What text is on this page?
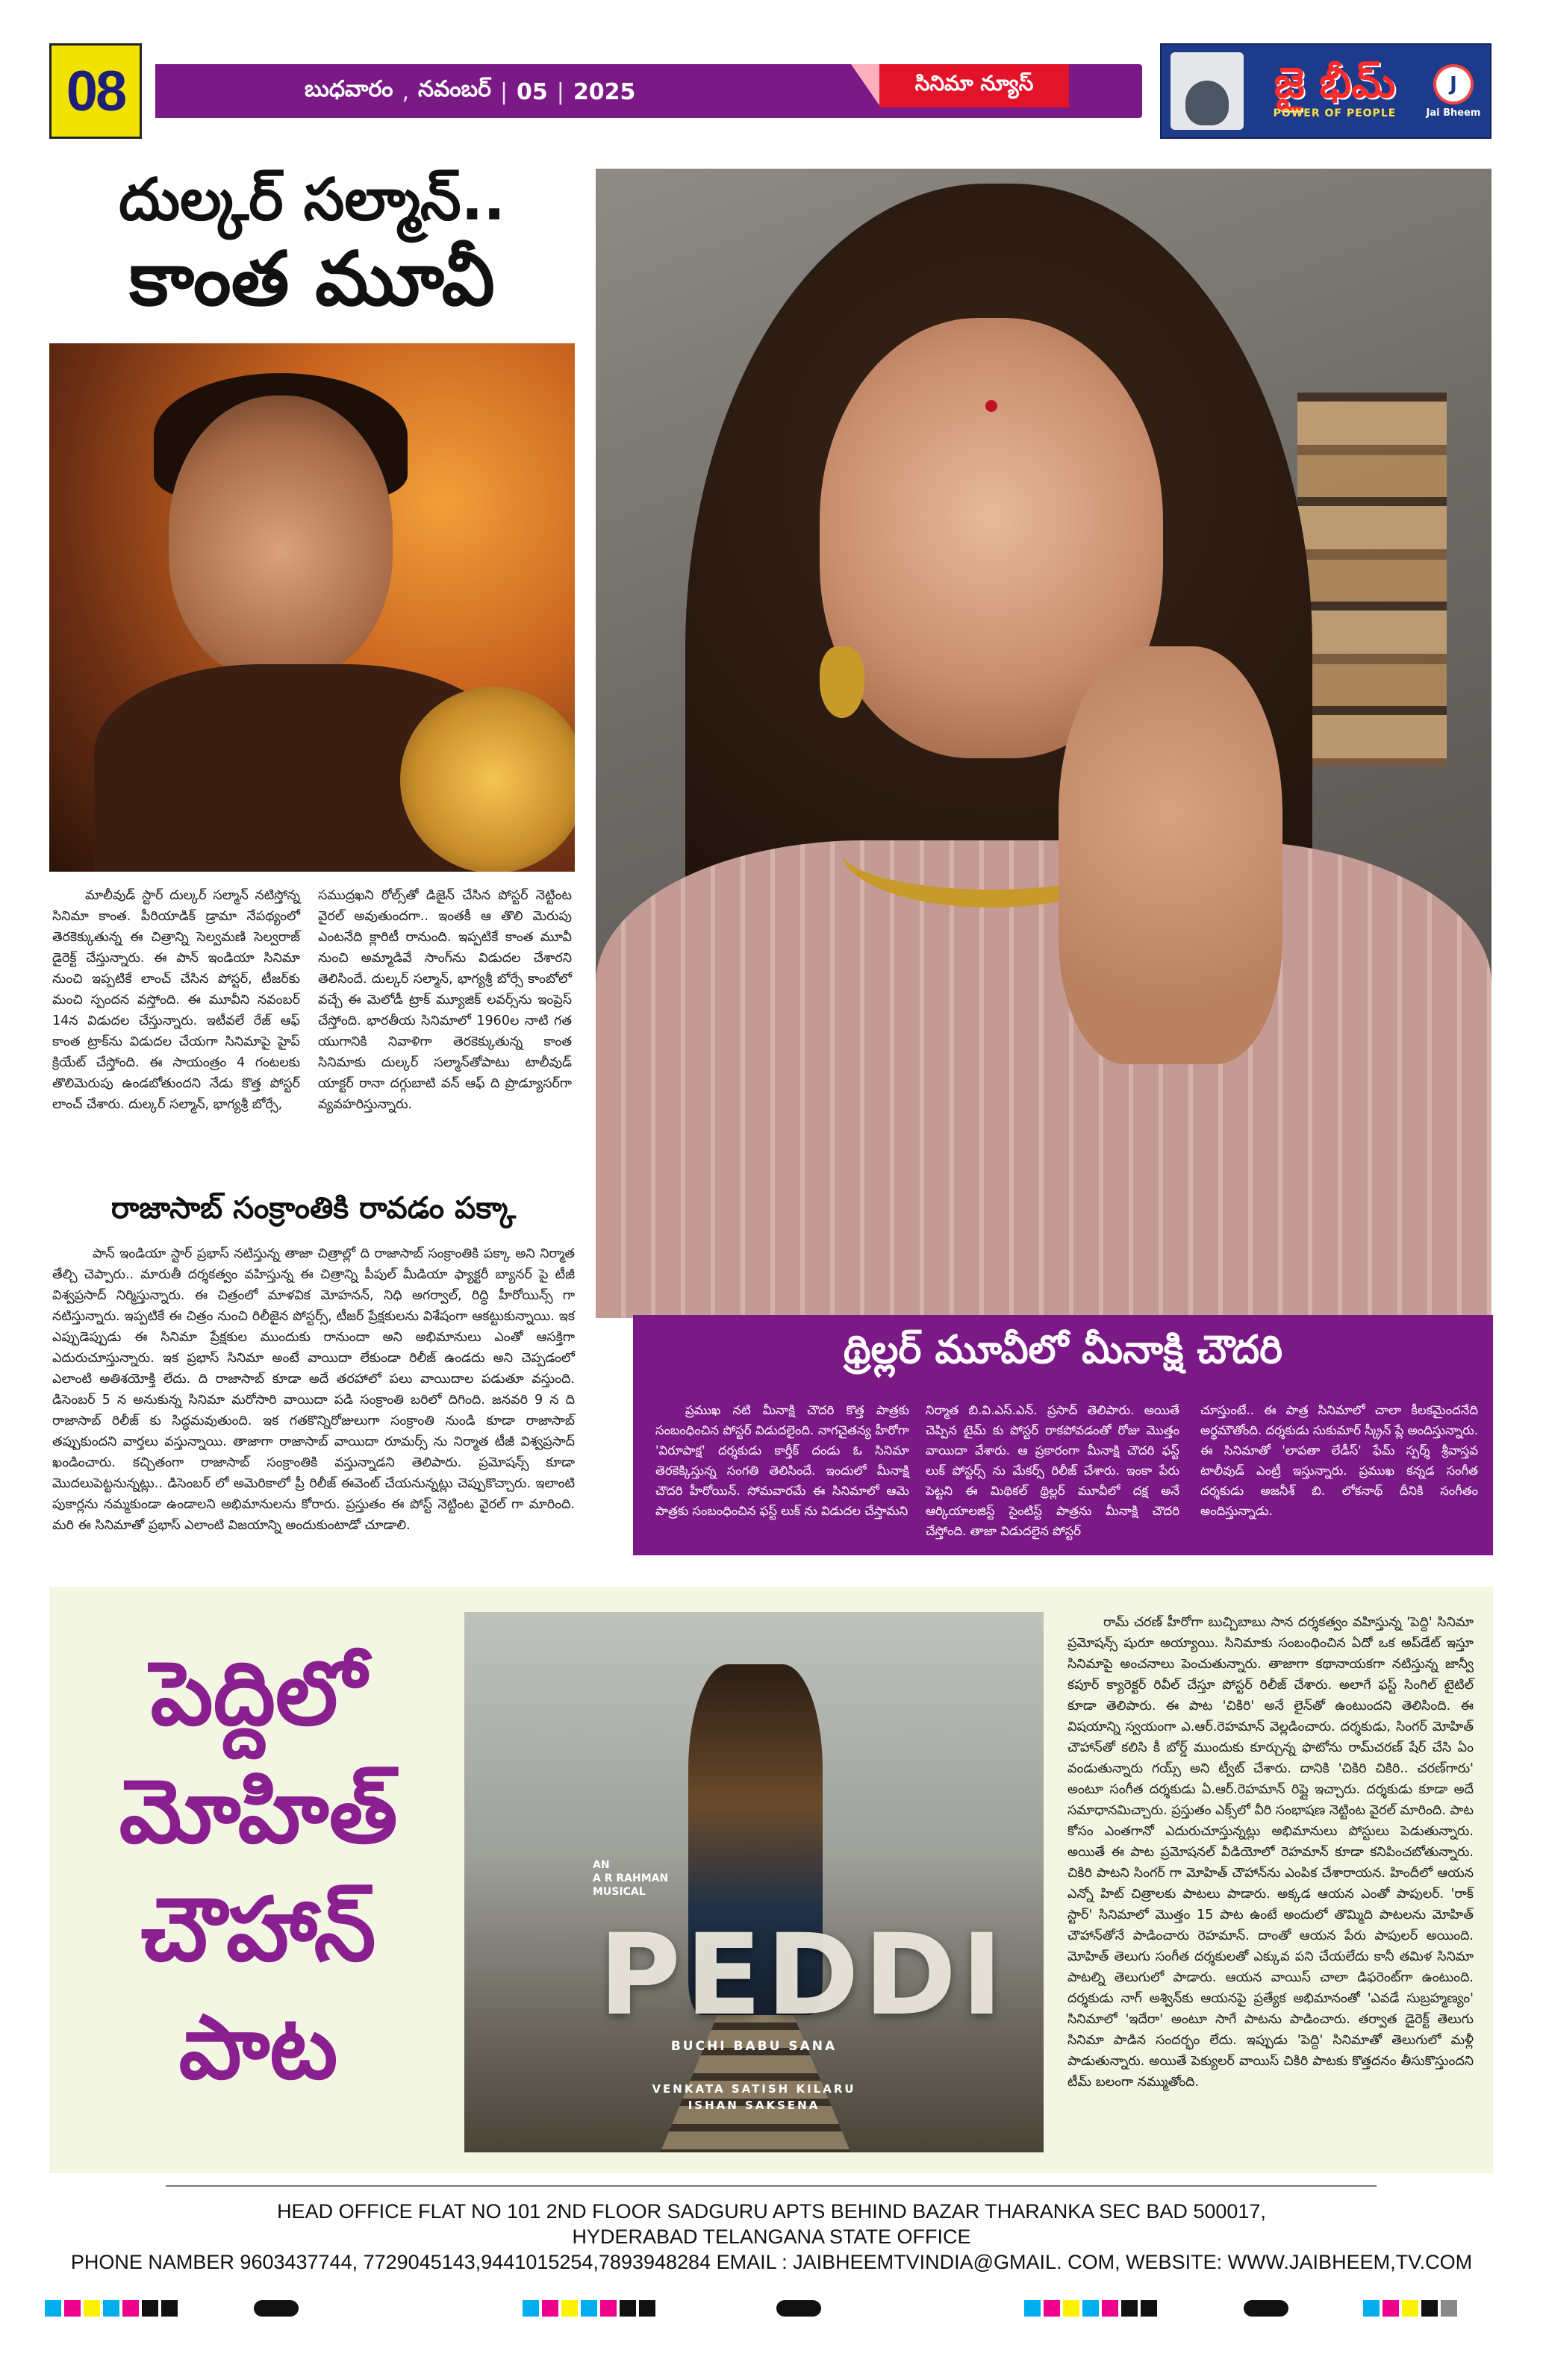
08	బుధవారం , నవంబర్ | 05 | 2025	సినిమా న్యూస్	జై భీమ్
POWER OF PEOPLE
J
Jai Bheem
దుల్కర్ సల్మాన్..
కాంత మూవీ

మాలీవుడ్ స్టార్ దుల్కర్ సల్మాన్ నటిస్తోన్న సినిమా కాంత. పీరియాడిక్ డ్రామా నేపథ్యంలో తెరకెక్కుతున్న ఈ చిత్రాన్ని సెల్వమణి సెల్వరాజ్ డైరెక్ట్ చేస్తున్నారు. ఈ పాన్ ఇండియా సినిమా నుంచి ఇప్పటికే లాంచ్ చేసిన పోస్టర్, టీజర్‌కు మంచి స్పందన వస్తోంది. ఈ మూవీని నవంబర్ 14న విడుదల చేస్తున్నారు. ఇటీవలే రేజ్ ఆఫ్ కాంత ట్రాక్‌ను విడుదల చేయగా సినిమాపై హైప్ క్రియేట్ చేస్తోంది. ఈ సాయంత్రం 4 గంటలకు తొలిమెరుపు ఉండబోతుందని నేడు కొత్త పోస్టర్ లాంచ్ చేశారు. దుల్కర్ సల్మాన్, భాగ్యశ్రీ బోర్సే,

సముద్రఖని రోల్స్‌తో డిజైన్ చేసిన పోస్టర్ నెట్టింట వైరల్ అవుతుందగా.. ఇంతకీ ఆ తొలి మెరుపు ఎంటనేది క్లారిటీ రానుంది. ఇప్పటికే కాంత మూవీ నుంచి అమ్మాడివే సాంగ్‌ను విడుదల చేశారని తెలిసిందే. దుల్కర్ సల్మాన్, భాగ్యశ్రీ బోర్సే కాంబోలో వచ్చే ఈ మెలోడీ ట్రాక్ మ్యూజిక్ లవర్స్‌ను ఇంప్రెస్ చేస్తోంది. భారతీయ సినిమాలో 1960ల నాటి గత యుగానికి నివాళిగా తెరకెక్కుతున్న కాంత సినిమాకు దుల్కర్ సల్మాన్‌తోపాటు టాలీవుడ్ యాక్టర్ రానా దగ్గుబాటి వన్ ఆఫ్ ది ప్రొడ్యూసర్‌గా వ్యవహరిస్తున్నారు.

రాజాసాబ్ సంక్రాంతికి రావడం పక్కా

పాన్ ఇండియా స్టార్ ప్రభాస్ నటిస్తున్న తాజా చిత్రాల్లో ది రాజాసాబ్ సంక్రాంతికి పక్కా అని నిర్మాత తేల్చి చెప్పారు.. మారుతీ దర్శకత్వం వహిస్తున్న ఈ చిత్రాన్ని పీపుల్ మీడియా ఫ్యాక్టరీ బ్యానర్ పై టీజీ విశ్వప్రసాద్ నిర్మిస్తున్నారు. ఈ చిత్రంలో మాళవిక మోహనన్, నిధి అగర్వాల్, రిద్ధి హీరోయిన్స్ గా నటిస్తున్నారు. ఇప్పటికే ఈ చిత్రం నుంచి రిలీజైన పోస్టర్స్, టీజర్ ప్రేక్షకులను విశేషంగా ఆకట్టుకున్నాయి. ఇక ఎప్పుడెప్పుడు ఈ సినిమా ప్రేక్షకుల ముందుకు రానుందా అని అభిమానులు ఎంతో ఆసక్తిగా ఎదురుచూస్తున్నారు. ఇక ప్రభాస్ సినిమా అంటే వాయిదా లేకుండా రిలీజ్ ఉండదు అని చెప్పడంలో ఎలాంటి అతిశయోక్తి లేదు. ది రాజాసాబ్ కూడా అదే తరహాలో పలు వాయిదాల పడుతూ వస్తుంది. డిసెంబర్ 5 న అనుకున్న సినిమా మరోసారి వాయిదా పడి సంక్రాంతి బరిలో దిగింది. జనవరి 9 న ది రాజాసాబ్ రిలీజ్ కు సిద్ధమవుతుంది. ఇక గతకొన్నిరోజులుగా సంక్రాంతి నుండి కూడా రాజాసాబ్ తప్పుకుందని వార్తలు వస్తున్నాయి. తాజాగా రాజాసాబ్ వాయిదా రూమర్స్ ను నిర్మాత టీజీ విశ్వప్రసాద్ ఖండించారు. కచ్చితంగా రాజాసాబ్ సంక్రాంతికి వస్తున్నాడని తెలిపారు. ప్రమోషన్స్ కూడా మొదలుపెట్టనున్నట్లు.. డిసెంబర్ లో అమెరికాలో ప్రీ రిలీజ్ ఈవెంట్ చేయనున్నట్లు చెప్పుకొచ్చారు. ఇలాంటి పుకార్లను నమ్మకుండా ఉండాలని అభిమానులను కోరారు. ప్రస్తుతం ఈ పోస్ట్ నెట్టింట వైరల్ గా మారింది. మరి ఈ సినిమాతో ప్రభాస్ ఎలాంటి విజయాన్ని అందుకుంటాడో చూడాలి.

థ్రిల్లర్ మూవీలో మీనాక్షి చౌదరి

ప్రముఖ నటి మీనాక్షి చౌదరి కొత్త పాత్రకు సంబంధించిన పోస్టర్ విడుదలైంది. నాగచైతన్య హీరోగా 'విరూపాక్ష' దర్శకుడు కార్తీక్ దండు ఓ సినిమా తెరకెక్కిస్తున్న సంగతి తెలిసిందే. ఇందులో మీనాక్షి చౌదరి హీరోయిన్. సోమవారమే ఈ సినిమాలో ఆమె పాత్రకు సంబంధించిన ఫస్ట్ లుక్ ను విడుదల చేస్తామని

నిర్మాత బి.వి.ఎస్.ఎన్. ప్రసాద్ తెలిపారు. అయితే చెప్పిన టైమ్ కు పోస్టర్ రాకపోవడంతో రోజు మొత్తం వాయిదా వేశారు. ఆ ప్రకారంగా మీనాక్షి చౌదరి ఫస్ట్ లుక్ పోస్టర్స్ ను మేకర్స్ రిలీజ్ చేశారు. ఇంకా పేరు పెట్టని ఈ మిథికల్ థ్రిల్లర్ మూవీలో దక్ష అనే ఆర్కియాలజిస్ట్ సైంటిస్ట్ పాత్రను మీనాక్షి చౌదరి చేస్తోంది. తాజా విడుదలైన పోస్టర్

చూస్తుంటే.. ఈ పాత్ర సినిమాలో చాలా కీలకమైందనేది అర్థమౌతోంది. దర్శకుడు సుకుమార్ స్క్రీన్ ప్లే అందిస్తున్నారు. ఈ సినిమాతో 'లాపతా లేడీస్' ఫేమ్ స్పర్శ్ శ్రీవాస్తవ టాలీవుడ్ ఎంట్రీ ఇస్తున్నారు. ప్రముఖ కన్నడ సంగీత దర్శకుడు అజనీశ్ బి. లోకనాథ్ దీనికి సంగీతం అందిస్తున్నాడు.

పెద్దిలో
మోహిత్
చౌహాన్
పాట
AN
A R RAHMAN
MUSICAL
PEDDI
BUCHI BABU SANA
VENKATA SATISH KILARU
ISHAN SAKSENA

రామ్ చరణ్ హీరోగా బుచ్చిబాబు సాన దర్శకత్వం వహిస్తున్న 'పెద్ది' సినిమా ప్రమోషన్స్ షురూ అయ్యాయి. సినిమాకు సంబంధించిన ఏదో ఒక అప్‌డేట్ ఇస్తూ సినిమాపై అంచనాలు పెంచుతున్నారు. తాజాగా కథానాయకగా నటిస్తున్న జాన్వీ కపూర్ క్యారెక్టర్ రివీల్ చేస్తూ పోస్టర్ రిలీజ్ చేశారు. అలాగే ఫస్ట్ సింగిల్ టైటిల్ కూడా తెలిపారు. ఈ పాట 'చికిరి' అనే లైన్‌తో ఉంటుందని తెలిసింది. ఈ విషయాన్ని స్వయంగా ఎ.ఆర్.రెహమాన్ వెల్లడించారు. దర్శకుడు, సింగర్ మోహిత్ చౌహాన్‌తో కలిసి కీ బోర్డ్ ముందుకు కూర్చున్న ఫొటోను రామ్‌చరణ్ షేర్ చేసి ఏం వండుతున్నారు గయ్స్ అని ట్వీట్ చేశారు. దానికి 'చికిరి చికిరి.. చరణ్‌గారు' అంటూ సంగీత దర్శకుడు ఏ.ఆర్.రెహమాన్ రిప్లై ఇచ్చారు. దర్శకుడు కూడా అదే సమాధానమిచ్చారు. ప్రస్తుతం ఎక్స్‌లో వీరి సంభాషణ నెట్టింట వైరల్ మారింది. పాట కోసం ఎంతగానో ఎదురుచూస్తున్నట్లు అభిమానులు పోస్టులు పెడుతున్నారు. అయితే ఈ పాట ప్రమోషనల్ వీడియోలో రెహమాన్ కూడా కనిపించబోతున్నారు. చికిరి పాటని సింగర్ గా మోహిత్ చౌహాన్‌ను ఎంపిక చేశారాయన. హిందీలో ఆయన ఎన్నో హిట్ చిత్రాలకు పాటలు పాడారు. అక్కడ ఆయన ఎంతో పాపులర్. 'రాక్ స్టార్' సినిమాలో మొత్తం 15 పాట ఉంటే అందులో తొమ్మిది పాటలను మోహిత్ చౌహాన్‌తోనే పాడించారు రెహమాన్. దాంతో ఆయన పేరు పాపులర్ అయింది. మోహిత్ తెలుగు సంగీత దర్శకులతో ఎక్కువ పని చేయలేదు కానీ తమిళ సినిమా పాటల్ని తెలుగులో పాడారు. ఆయన వాయిస్ చాలా డిఫరెంట్‌గా ఉంటుంది. దర్శకుడు నాగ్ అశ్విన్‌కు ఆయనపై ప్రత్యేక అభిమానంతో 'ఎవడే సుబ్రహ్మణ్యం' సినిమాలో 'ఇదేరా' అంటూ సాగే పాటను పాడించారు. తర్వాత డైరెక్ట్ తెలుగు సినిమా పాడిన సందర్భం లేదు. ఇప్పుడు 'పెద్ది' సినిమాతో తెలుగులో మళ్లీ పాడుతున్నారు. అయితే పెక్యులర్ వాయిస్ చికిరి పాటకు కొత్తదనం తీసుకొస్తుందని టీమ్ బలంగా నమ్ముతోంది.

HEAD OFFICE FLAT NO 101 2ND FLOOR SADGURU APTS BEHIND BAZAR THARANKA SEC BAD 500017,
HYDERABAD TELANGANA STATE OFFICE
PHONE NAMBER 9603437744, 7729045143,9441015254,7893948284 EMAIL : JAIBHEEMTVINDIA@GMAIL. COM, WEBSITE: WWW.JAIBHEEM,TV.COM
